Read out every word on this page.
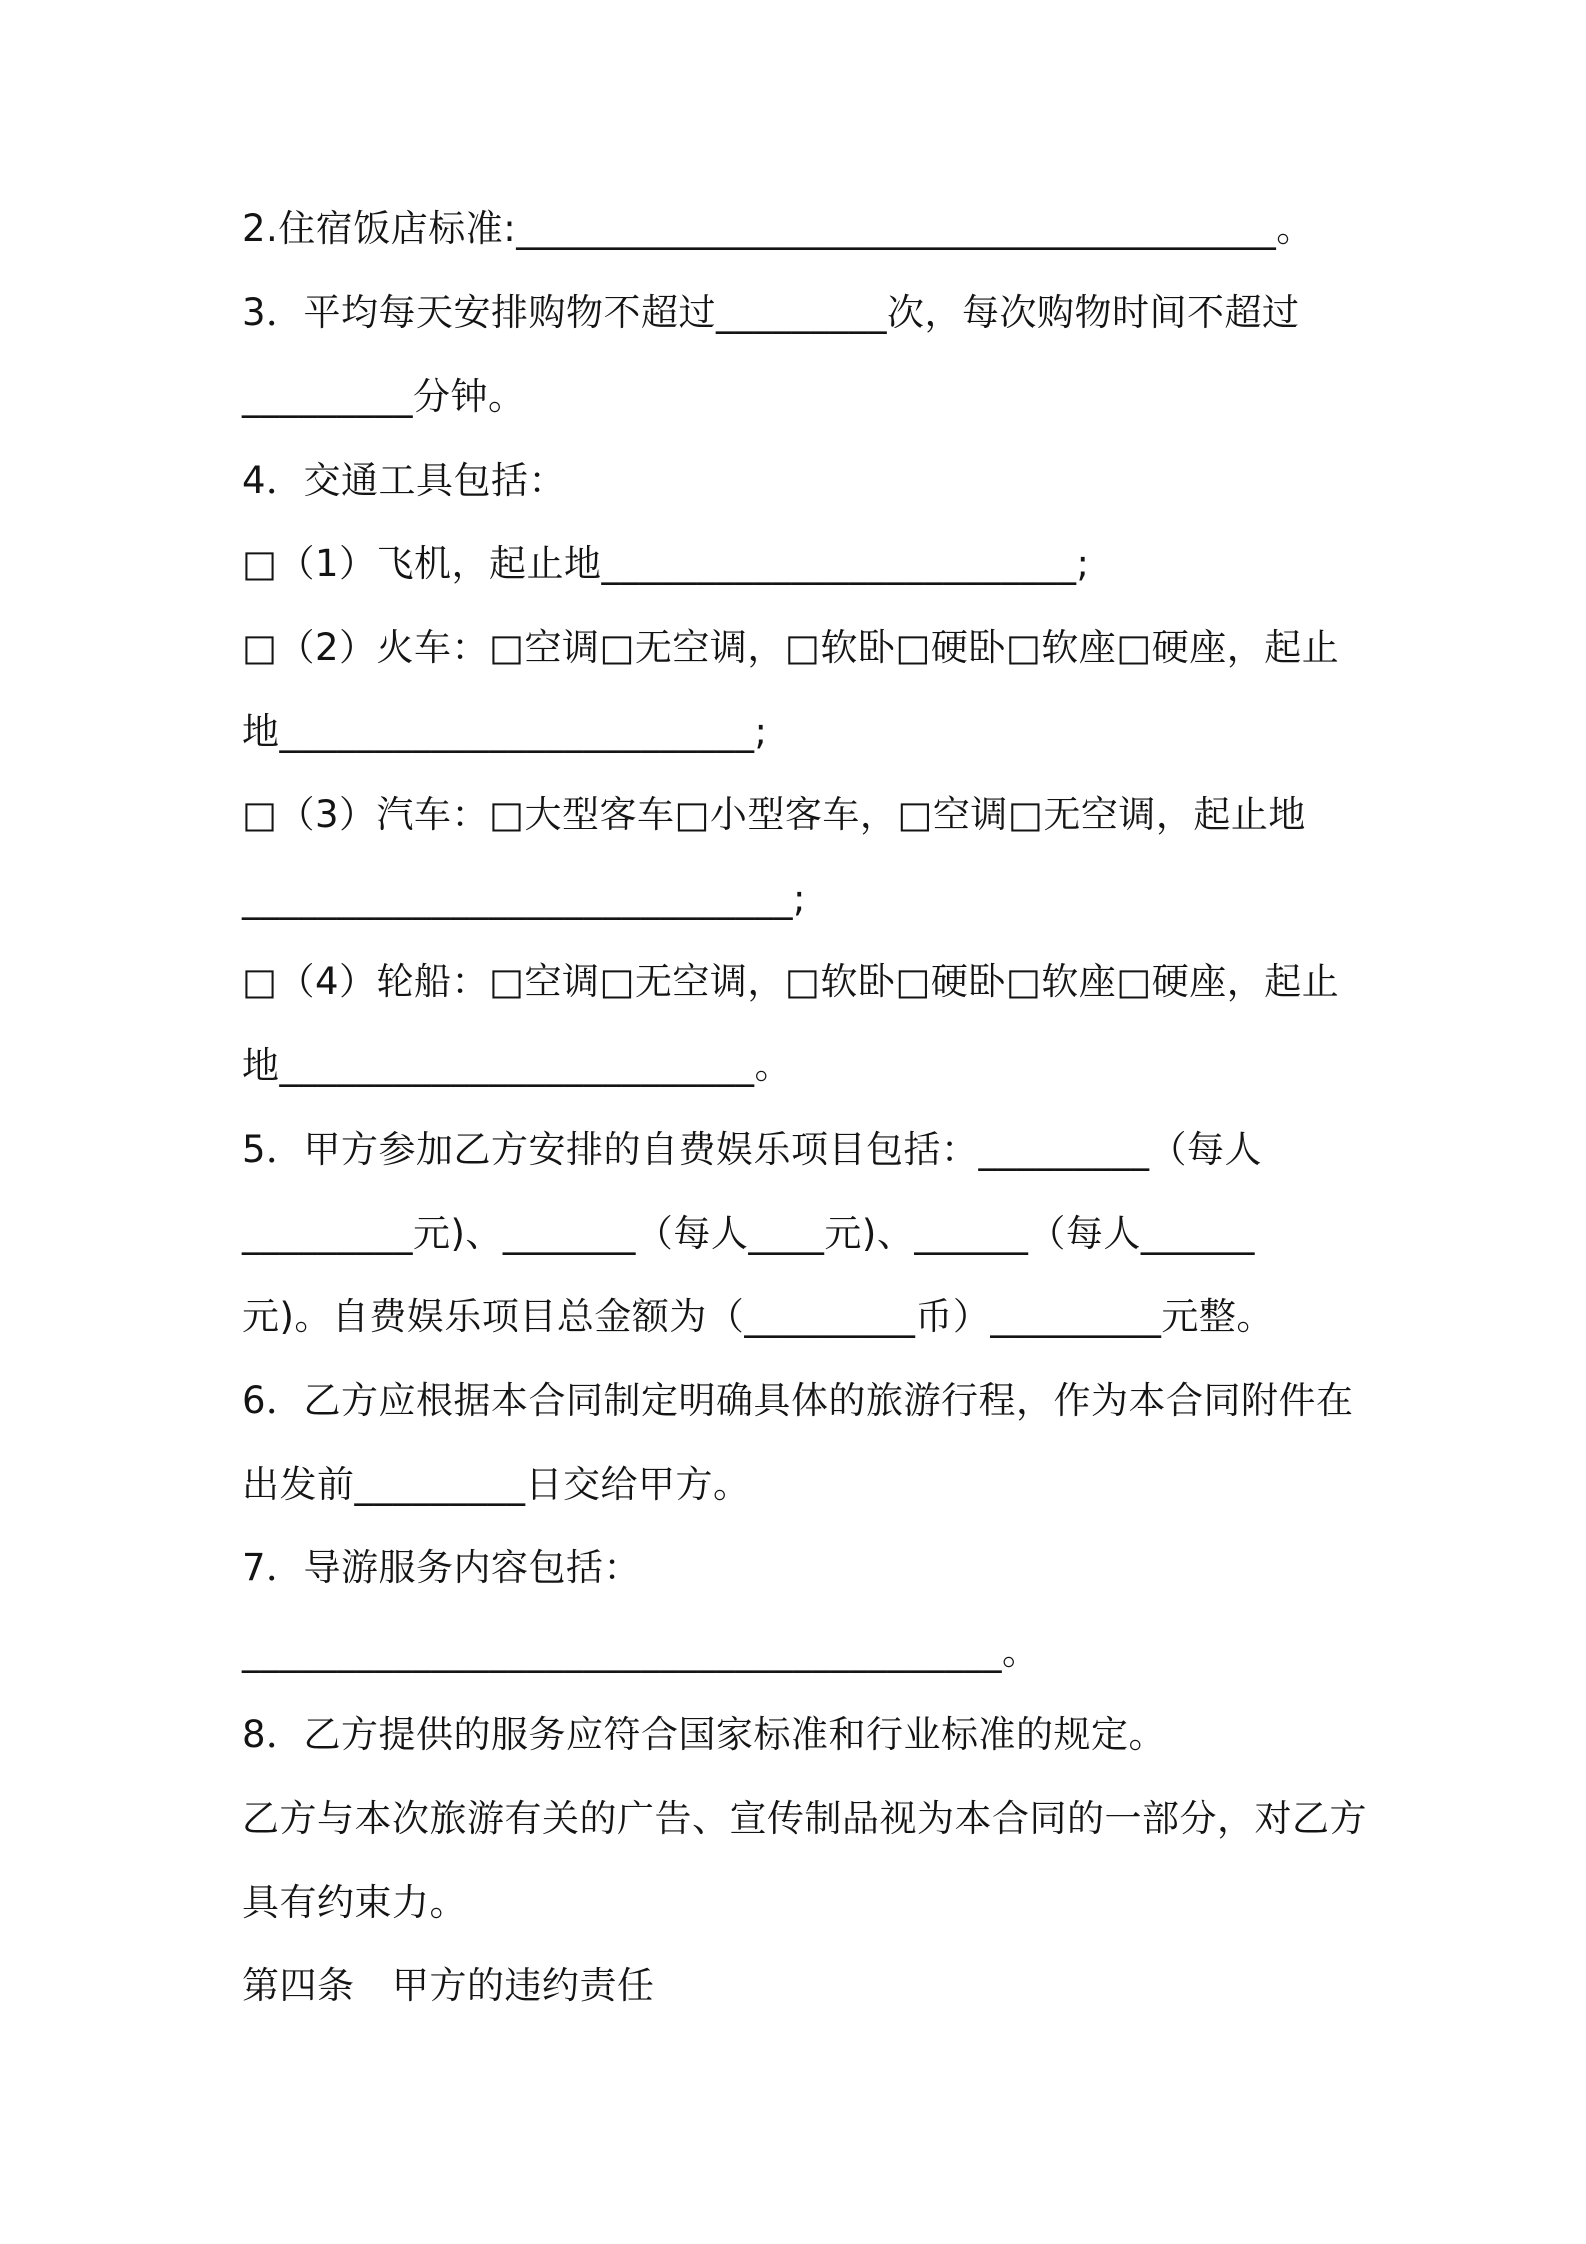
2.住宿饭店标准:________________________________________。
3．平均每天安排购物不超过_________次，每次购物时间不超过
_________分钟。
4．交通工具包括：
□（1）飞机，起止地_________________________;
□（2）火车：□空调□无空调，□软卧□硬卧□软座□硬座，起止
地_________________________;
□（3）汽车：□大型客车□小型客车，□空调□无空调，起止地
_____________________________;
□（4）轮船：□空调□无空调，□软卧□硬卧□软座□硬座，起止
地_________________________。
5．甲方参加乙方安排的自费娱乐项目包括：_________（每人
_________元)、_______（每人____元)、______（每人______
元)。自费娱乐项目总金额为（_________币）_________元整。
6．乙方应根据本合同制定明确具体的旅游行程，作为本合同附件在
出发前_________日交给甲方。
7．导游服务内容包括：
________________________________________。
8．乙方提供的服务应符合国家标准和行业标准的规定。
乙方与本次旅游有关的广告、宣传制品视为本合同的一部分，对乙方
具有约束力。
第四条　甲方的违约责任
